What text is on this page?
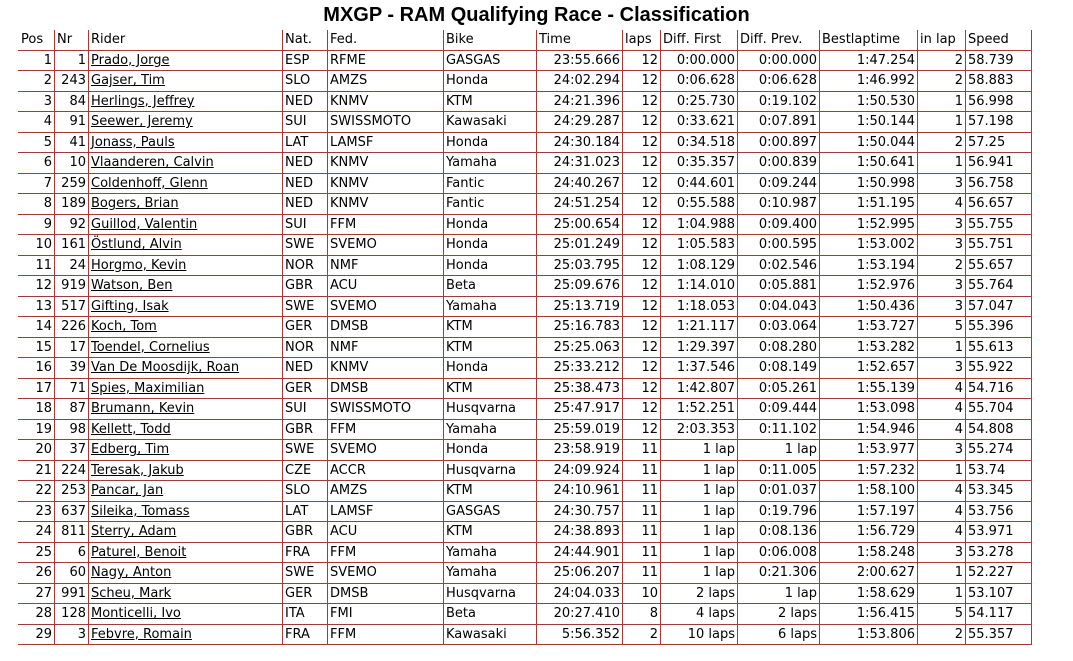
MXGP - RAM Qualifying Race - Classification
Pos	Nr	Rider	Nat.	Fed.	Bike	Time	laps	Diff. First	Diff. Prev.	Bestlaptime	in lap	Speed
1	1	Prado, Jorge	ESP	RFME	GASGAS	23:55.666	12	0:00.000	0:00.000	1:47.254	2	58.739
2	243	Gajser, Tim	SLO	AMZS	Honda	24:02.294	12	0:06.628	0:06.628	1:46.992	2	58.883
3	84	Herlings, Jeffrey	NED	KNMV	KTM	24:21.396	12	0:25.730	0:19.102	1:50.530	1	56.998
4	91	Seewer, Jeremy	SUI	SWISSMOTO	Kawasaki	24:29.287	12	0:33.621	0:07.891	1:50.144	1	57.198
5	41	Jonass, Pauls	LAT	LAMSF	Honda	24:30.184	12	0:34.518	0:00.897	1:50.044	2	57.25
6	10	Vlaanderen, Calvin	NED	KNMV	Yamaha	24:31.023	12	0:35.357	0:00.839	1:50.641	1	56.941
7	259	Coldenhoff, Glenn	NED	KNMV	Fantic	24:40.267	12	0:44.601	0:09.244	1:50.998	3	56.758
8	189	Bogers, Brian	NED	KNMV	Fantic	24:51.254	12	0:55.588	0:10.987	1:51.195	4	56.657
9	92	Guillod, Valentin	SUI	FFM	Honda	25:00.654	12	1:04.988	0:09.400	1:52.995	3	55.755
10	161	Östlund, Alvin	SWE	SVEMO	Honda	25:01.249	12	1:05.583	0:00.595	1:53.002	3	55.751
11	24	Horgmo, Kevin	NOR	NMF	Honda	25:03.795	12	1:08.129	0:02.546	1:53.194	2	55.657
12	919	Watson, Ben	GBR	ACU	Beta	25:09.676	12	1:14.010	0:05.881	1:52.976	3	55.764
13	517	Gifting, Isak	SWE	SVEMO	Yamaha	25:13.719	12	1:18.053	0:04.043	1:50.436	3	57.047
14	226	Koch, Tom	GER	DMSB	KTM	25:16.783	12	1:21.117	0:03.064	1:53.727	5	55.396
15	17	Toendel, Cornelius	NOR	NMF	KTM	25:25.063	12	1:29.397	0:08.280	1:53.282	1	55.613
16	39	Van De Moosdijk, Roan	NED	KNMV	Honda	25:33.212	12	1:37.546	0:08.149	1:52.657	3	55.922
17	71	Spies, Maximilian	GER	DMSB	KTM	25:38.473	12	1:42.807	0:05.261	1:55.139	4	54.716
18	87	Brumann, Kevin	SUI	SWISSMOTO	Husqvarna	25:47.917	12	1:52.251	0:09.444	1:53.098	4	55.704
19	98	Kellett, Todd	GBR	FFM	Yamaha	25:59.019	12	2:03.353	0:11.102	1:54.946	4	54.808
20	37	Edberg, Tim	SWE	SVEMO	Honda	23:58.919	11	1 lap	1 lap	1:53.977	3	55.274
21	224	Teresak, Jakub	CZE	ACCR	Husqvarna	24:09.924	11	1 lap	0:11.005	1:57.232	1	53.74
22	253	Pancar, Jan	SLO	AMZS	KTM	24:10.961	11	1 lap	0:01.037	1:58.100	4	53.345
23	637	Sileika, Tomass	LAT	LAMSF	GASGAS	24:30.757	11	1 lap	0:19.796	1:57.197	4	53.756
24	811	Sterry, Adam	GBR	ACU	KTM	24:38.893	11	1 lap	0:08.136	1:56.729	4	53.971
25	6	Paturel, Benoit	FRA	FFM	Yamaha	24:44.901	11	1 lap	0:06.008	1:58.248	3	53.278
26	60	Nagy, Anton	SWE	SVEMO	Yamaha	25:06.207	11	1 lap	0:21.306	2:00.627	1	52.227
27	991	Scheu, Mark	GER	DMSB	Husqvarna	24:04.033	10	2 laps	1 lap	1:58.629	1	53.107
28	128	Monticelli, Ivo	ITA	FMI	Beta	20:27.410	8	4 laps	2 laps	1:56.415	5	54.117
29	3	Febvre, Romain	FRA	FFM	Kawasaki	5:56.352	2	10 laps	6 laps	1:53.806	2	55.357
